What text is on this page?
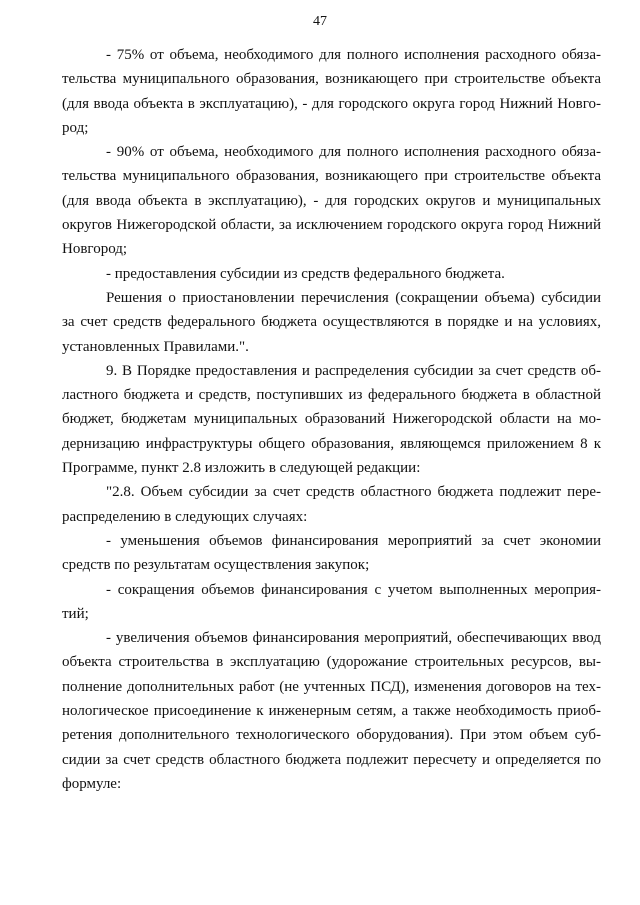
47

- 75% от объема, необходимого для полного исполнения расходного обязательства муниципального образования, возникающего при строительстве объекта (для ввода объекта в эксплуатацию), - для городского округа город Нижний Новгород;

- 90% от объема, необходимого для полного исполнения расходного обязательства муниципального образования, возникающего при строительстве объекта (для ввода объекта в эксплуатацию), - для городских округов и муниципальных округов Нижегородской области, за исключением городского округа город Нижний Новгород;

- предоставления субсидии из средств федерального бюджета.

Решения о приостановлении перечисления (сокращении объема) субсидии за счет средств федерального бюджета осуществляются в порядке и на условиях, установленных Правилами.".

9. В Порядке предоставления и распределения субсидии за счет средств областного бюджета и средств, поступивших из федерального бюджета в областной бюджет, бюджетам муниципальных образований Нижегородской области на модернизацию инфраструктуры общего образования, являющемся приложением 8 к Программе, пункт 2.8 изложить в следующей редакции:

"2.8. Объем субсидии за счет средств областного бюджета подлежит перераспределению в следующих случаях:

- уменьшения объемов финансирования мероприятий за счет экономии средств по результатам осуществления закупок;

- сокращения объемов финансирования с учетом выполненных мероприятий;

- увеличения объемов финансирования мероприятий, обеспечивающих ввод объекта строительства в эксплуатацию (удорожание строительных ресурсов, выполнение дополнительных работ (не учтенных ПСД), изменения договоров на технологическое присоединение к инженерным сетям, а также необходимость приобретения дополнительного технологического оборудования). При этом объем субсидии за счет средств областного бюджета подлежит пересчету и определяется по формуле:
